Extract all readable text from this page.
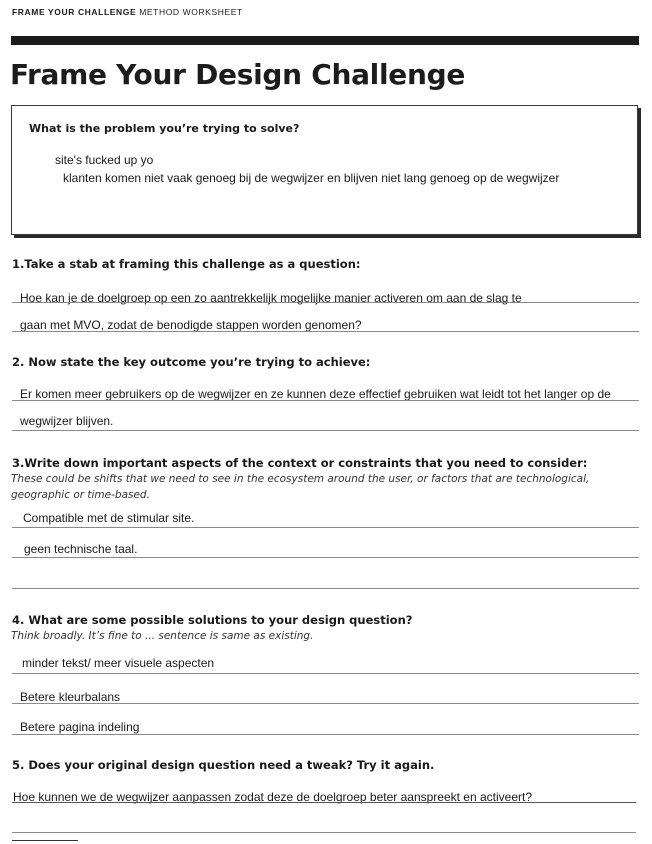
FRAME YOUR CHALLENGE METHOD WORKSHEET
Frame Your Design Challenge
What is the problem you’re trying to solve?
site's fucked up yo
klanten komen niet vaak genoeg bij de wegwijzer en blijven niet lang genoeg op de wegwijzer
1.Take a stab at framing this challenge as a question:
Hoe kan je de doelgroep op een zo aantrekkelijk mogelijke manier activeren om aan de slag te
gaan met MVO, zodat de benodigde stappen worden genomen?
2. Now state the key outcome you’re trying to achieve:
Er komen meer gebruikers op de wegwijzer en ze kunnen deze effectief gebruiken wat leidt tot het langer op de
wegwijzer blijven.
3.Write down important aspects of the context or constraints that you need to consider:
These could be shifts that we need to see in the ecosystem around the user, or factors that are technological, geographic or time-based.
Compatible met de stimular site.
geen technische taal.
4. What are some possible solutions to your design question?
Think broadly. It’s fine to ... sentence is same as existing.
minder tekst/ meer visuele aspecten
Betere kleurbalans
Betere pagina indeling
5. Does your original design question need a tweak? Try it again.
Hoe kunnen we de wegwijzer aanpassen zodat deze de doelgroep beter aanspreekt en activeert?
